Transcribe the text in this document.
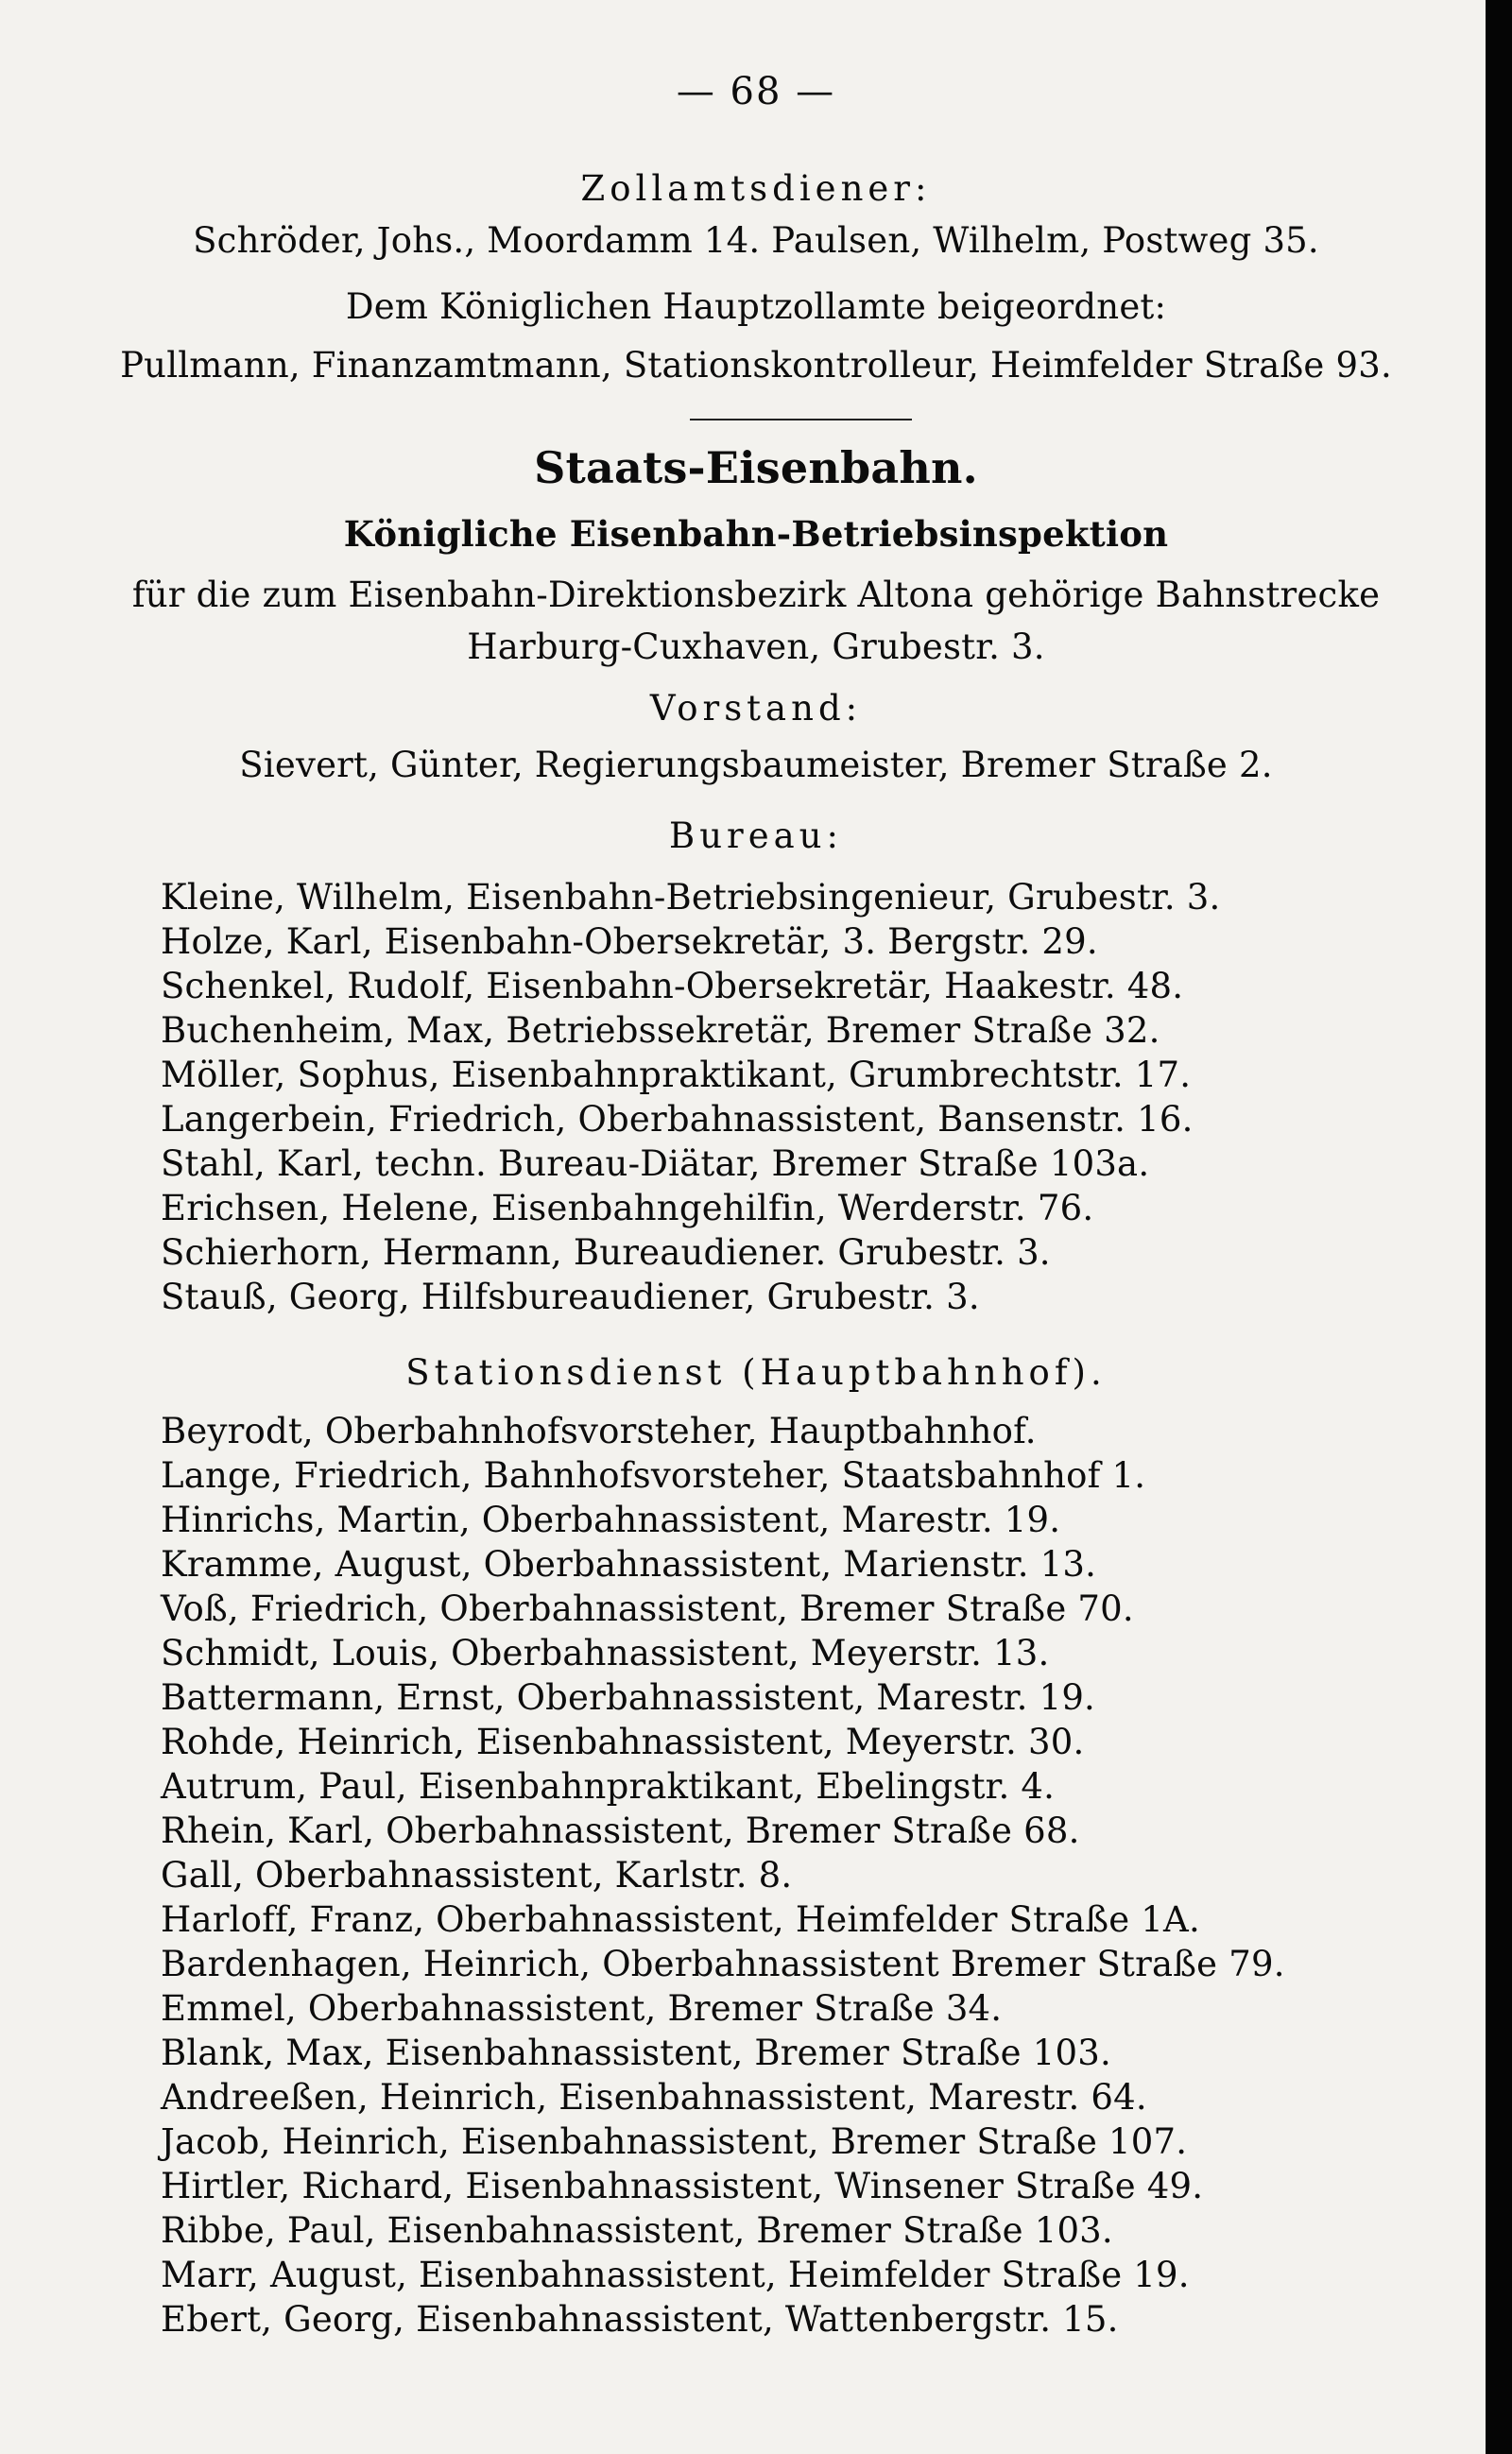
— 68 —
Zollamtsdiener:
Schröder, Johs., Moordamm 14. Paulsen, Wilhelm, Postweg 35.
Dem Königlichen Hauptzollamte beigeordnet:
Pullmann, Finanzamtmann, Stationskontrolleur, Heimfelder Straße 93.
Staats-Eisenbahn.
Königliche Eisenbahn-Betriebsinspektion
für die zum Eisenbahn-Direktionsbezirk Altona gehörige Bahnstrecke
Harburg-Cuxhaven, Grubestr. 3.
Vorstand:
Sievert, Günter, Regierungsbaumeister, Bremer Straße 2.
Bureau:
Kleine, Wilhelm, Eisenbahn-Betriebsingenieur, Grubestr. 3.
Holze, Karl, Eisenbahn-Obersekretär, 3. Bergstr. 29.
Schenkel, Rudolf, Eisenbahn-Obersekretär, Haakestr. 48.
Buchenheim, Max, Betriebssekretär, Bremer Straße 32.
Möller, Sophus, Eisenbahnpraktikant, Grumbrechtstr. 17.
Langerbein, Friedrich, Oberbahnassistent, Bansenstr. 16.
Stahl, Karl, techn. Bureau-Diätar, Bremer Straße 103a.
Erichsen, Helene, Eisenbahngehilfin, Werderstr. 76.
Schierhorn, Hermann, Bureaudiener. Grubestr. 3.
Stauß, Georg, Hilfsbureaudiener, Grubestr. 3.
Stationsdienst (Hauptbahnhof).
Beyrodt, Oberbahnhofsvorsteher, Hauptbahnhof.
Lange, Friedrich, Bahnhofsvorsteher, Staatsbahnhof 1.
Hinrichs, Martin, Oberbahnassistent, Marestr. 19.
Kramme, August, Oberbahnassistent, Marienstr. 13.
Voß, Friedrich, Oberbahnassistent, Bremer Straße 70.
Schmidt, Louis, Oberbahnassistent, Meyerstr. 13.
Battermann, Ernst, Oberbahnassistent, Marestr. 19.
Rohde, Heinrich, Eisenbahnassistent, Meyerstr. 30.
Autrum, Paul, Eisenbahnpraktikant, Ebelingstr. 4.
Rhein, Karl, Oberbahnassistent, Bremer Straße 68.
Gall, Oberbahnassistent, Karlstr. 8.
Harloff, Franz, Oberbahnassistent, Heimfelder Straße 1A.
Bardenhagen, Heinrich, Oberbahnassistent Bremer Straße 79.
Emmel, Oberbahnassistent, Bremer Straße 34.
Blank, Max, Eisenbahnassistent, Bremer Straße 103.
Andreeßen, Heinrich, Eisenbahnassistent, Marestr. 64.
Jacob, Heinrich, Eisenbahnassistent, Bremer Straße 107.
Hirtler, Richard, Eisenbahnassistent, Winsener Straße 49.
Ribbe, Paul, Eisenbahnassistent, Bremer Straße 103.
Marr, August, Eisenbahnassistent, Heimfelder Straße 19.
Ebert, Georg, Eisenbahnassistent, Wattenbergstr. 15.
